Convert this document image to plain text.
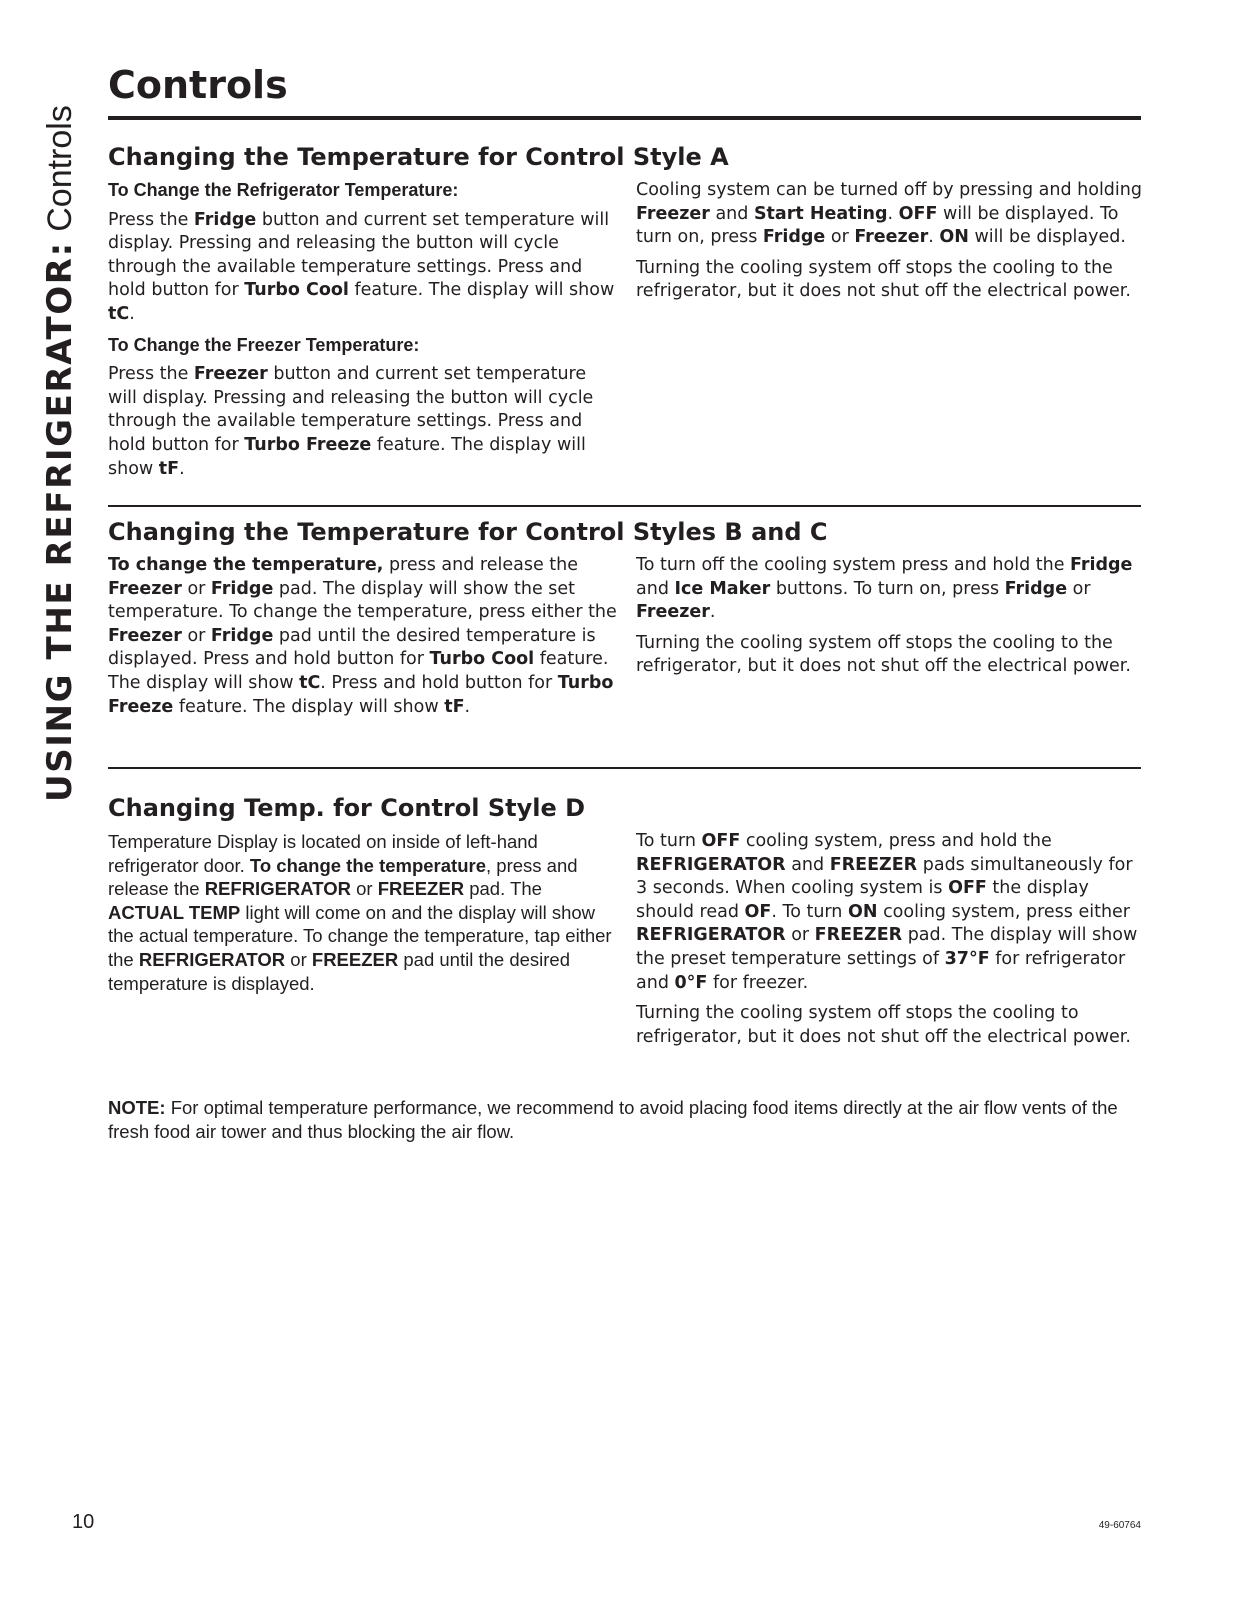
USING THE REFRIGERATOR: Controls
Controls
Changing the Temperature for Control Style A

To Change the Refrigerator Temperature:

Press the Fridge button and current set temperature will display. Pressing and releasing the button will cycle through the available temperature settings. Press and hold button for Turbo Cool feature. The display will show tC.

To Change the Freezer Temperature:

Press the Freezer button and current set temperature will display. Pressing and releasing the button will cycle through the available temperature settings. Press and hold button for Turbo Freeze feature. The display will show tF.

Cooling system can be turned off by pressing and holding Freezer and Start Heating. OFF will be displayed. To turn on, press Fridge or Freezer. ON will be displayed.

Turning the cooling system off stops the cooling to the refrigerator, but it does not shut off the electrical power.

Changing the Temperature for Control Styles B and C

To change the temperature, press and release the Freezer or Fridge pad. The display will show the set temperature. To change the temperature, press either the Freezer or Fridge pad until the desired temperature is displayed. Press and hold button for Turbo Cool feature. The display will show tC. Press and hold button for Turbo Freeze feature. The display will show tF.

To turn off the cooling system press and hold the Fridge and Ice Maker buttons. To turn on, press Fridge or Freezer.

Turning the cooling system off stops the cooling to the refrigerator, but it does not shut off the electrical power.

Changing Temp. for Control Style D

Temperature Display is located on inside of left-hand refrigerator door. To change the temperature, press and release the REFRIGERATOR or FREEZER pad. The ACTUAL TEMP light will come on and the display will show the actual temperature. To change the temperature, tap either the REFRIGERATOR or FREEZER pad until the desired temperature is displayed.

To turn OFF cooling system, press and hold the REFRIGERATOR and FREEZER pads simultaneously for 3 seconds. When cooling system is OFF the display should read OF. To turn ON cooling system, press either REFRIGERATOR or FREEZER pad. The display will show the preset temperature settings of 37°F for refrigerator and 0°F for freezer.

Turning the cooling system off stops the cooling to refrigerator, but it does not shut off the electrical power.

NOTE: For optimal temperature performance, we recommend to avoid placing food items directly at the air flow vents of the fresh food air tower and thus blocking the air flow.
10	49-60764
